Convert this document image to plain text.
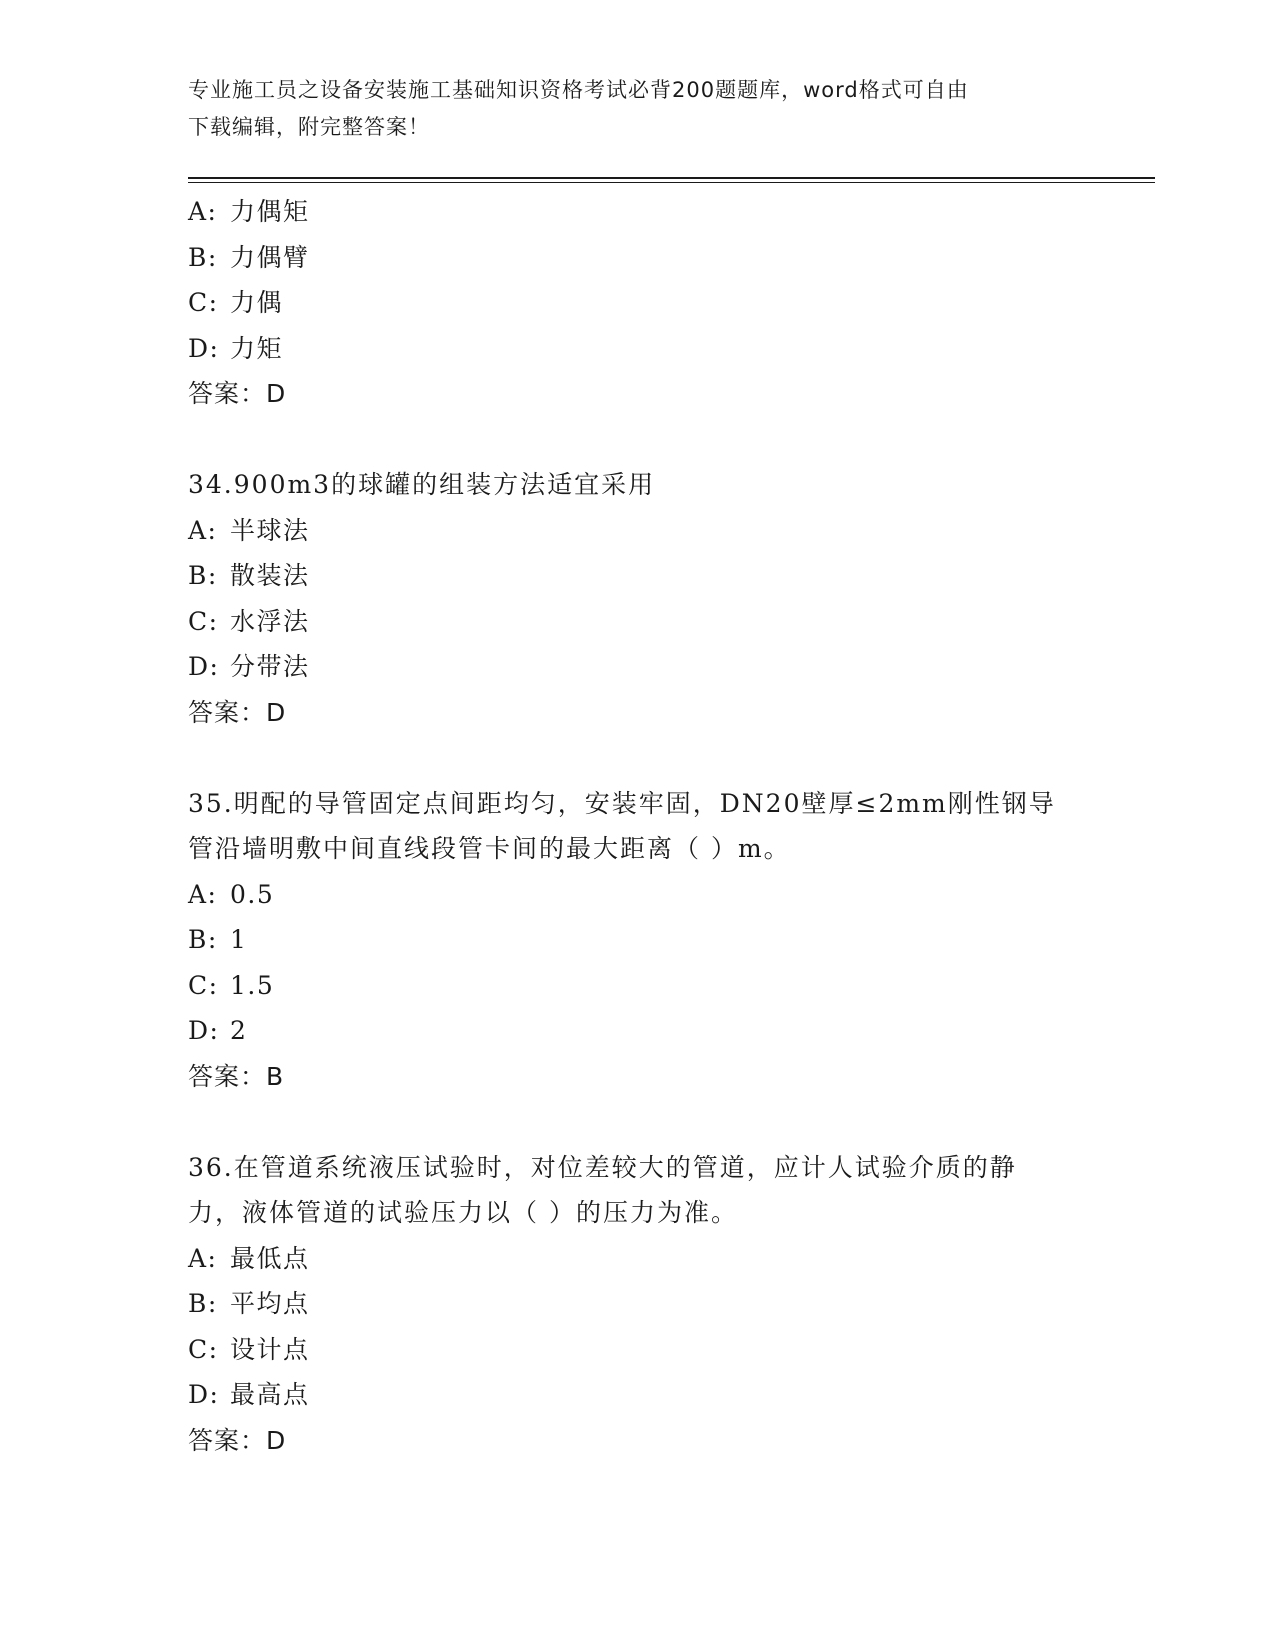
专业施工员之设备安装施工基础知识资格考试必背200题题库，word格式可自由
下载编辑，附完整答案！
A: 力偶矩
B: 力偶臂
C: 力偶
D: 力矩
答案：D
34.900m3的球罐的组装方法适宜采用
A: 半球法
B: 散装法
C: 水浮法
D: 分带法
答案：D
35.明配的导管固定点间距均匀，安装牢固，DN20壁厚≤2mm刚性钢导
管沿墙明敷中间直线段管卡间的最大距离（ ）m。
A: 0.5
B: 1
C: 1.5
D: 2
答案：B
36.在管道系统液压试验时，对位差较大的管道，应计人试验介质的静
力，液体管道的试验压力以（ ）的压力为准。
A: 最低点
B: 平均点
C: 设计点
D: 最高点
答案：D
